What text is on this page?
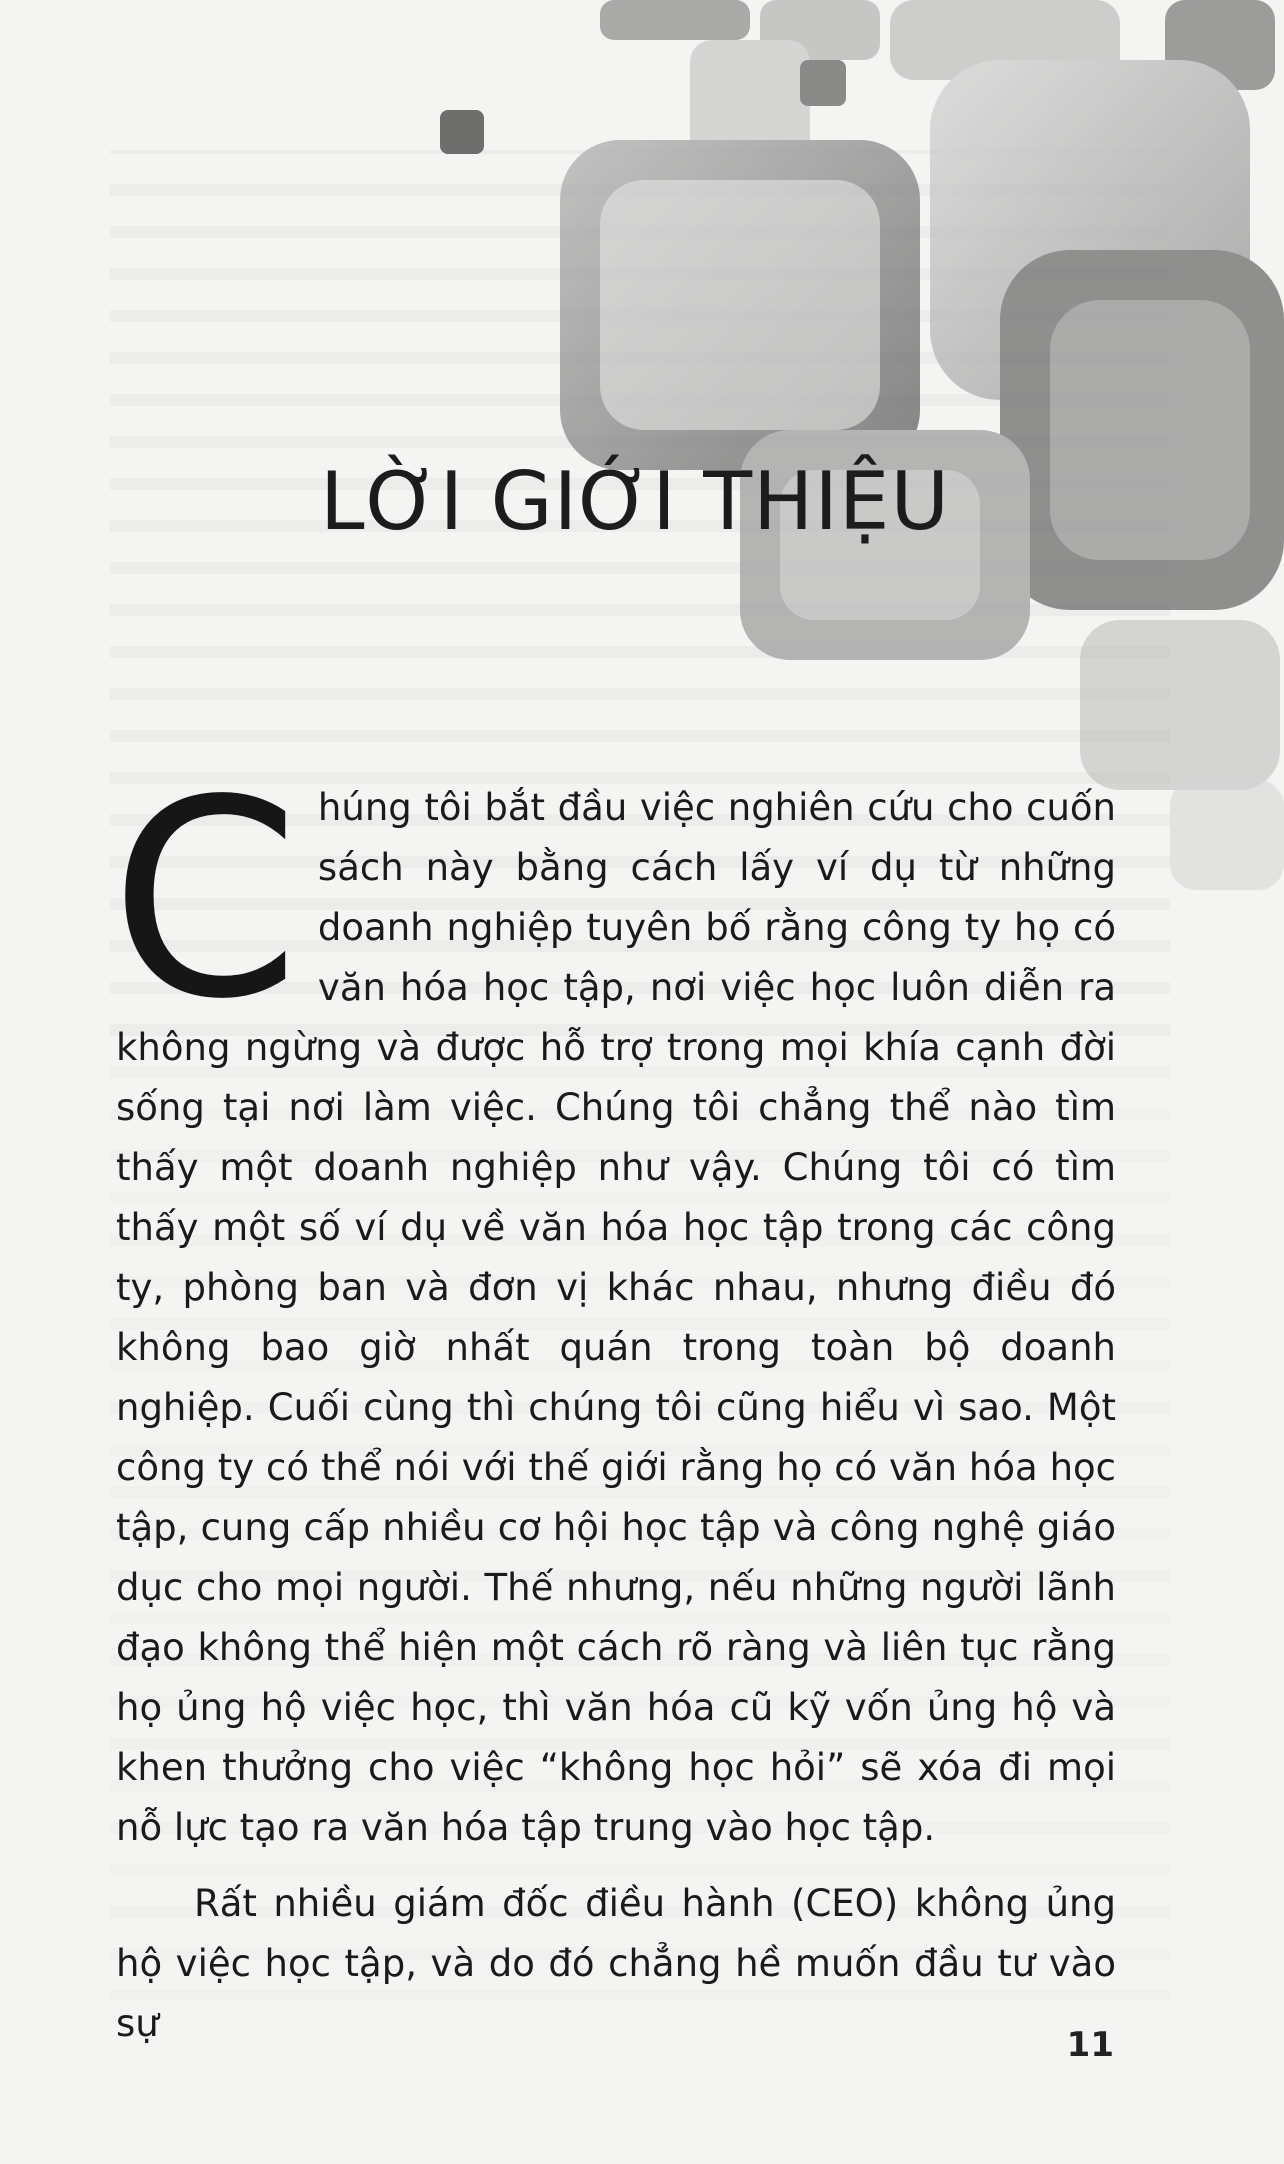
LỜI GIỚI THIỆU

Chúng tôi bắt đầu việc nghiên cứu cho cuốn sách này bằng cách lấy ví dụ từ những doanh nghiệp tuyên bố rằng công ty họ có văn hóa học tập, nơi việc học luôn diễn ra không ngừng và được hỗ trợ trong mọi khía cạnh đời sống tại nơi làm việc. Chúng tôi chẳng thể nào tìm thấy một doanh nghiệp như vậy. Chúng tôi có tìm thấy một số ví dụ về văn hóa học tập trong các công ty, phòng ban và đơn vị khác nhau, nhưng điều đó không bao giờ nhất quán trong toàn bộ doanh nghiệp. Cuối cùng thì chúng tôi cũng hiểu vì sao. Một công ty có thể nói với thế giới rằng họ có văn hóa học tập, cung cấp nhiều cơ hội học tập và công nghệ giáo dục cho mọi người. Thế nhưng, nếu những người lãnh đạo không thể hiện một cách rõ ràng và liên tục rằng họ ủng hộ việc học, thì văn hóa cũ kỹ vốn ủng hộ và khen thưởng cho việc “không học hỏi” sẽ xóa đi mọi nỗ lực tạo ra văn hóa tập trung vào học tập.

Rất nhiều giám đốc điều hành (CEO) không ủng hộ việc học tập, và do đó chẳng hề muốn đầu tư vào sự	11
